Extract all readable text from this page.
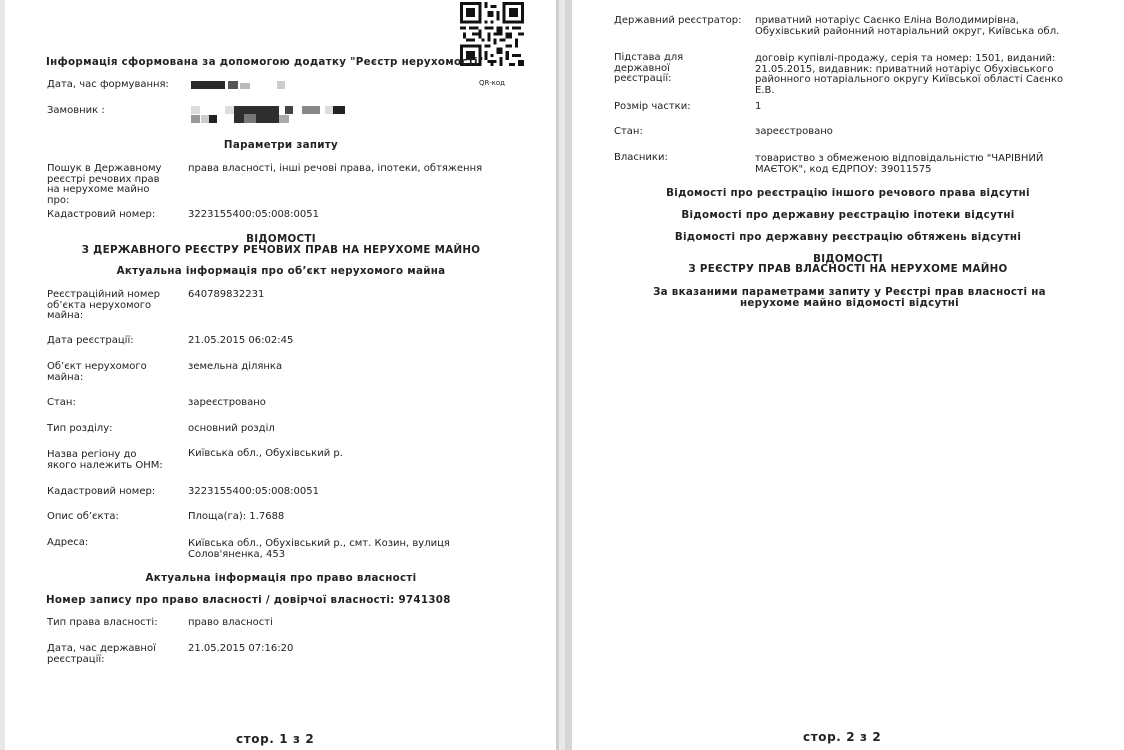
QR-код
Інформація сформована за допомогою додатку "Реєстр нерухомості"
Дата, час формування:
Замовник :
Параметри запиту
Пошук в Державному реєстрі речових прав на нерухоме майно про:
права власності, інші речові права, іпотеки, обтяження
Кадастровий номер:	3223155400:05:008:0051
ВІДОМОСТІ
З ДЕРЖАВНОГО РЕЄСТРУ РЕЧОВИХ ПРАВ НА НЕРУХОМЕ МАЙНО
Актуальна інформація про об’єкт нерухомого майна
Реєстраційний номер об’єкта нерухомого майна:
640789832231
Дата реєстрації:	21.05.2015 06:02:45
Об’єкт нерухомого майна:
земельна ділянка
Стан:	зареєстровано
Тип розділу:	основний розділ
Назва регіону до якого належить ОНМ:
Київська обл., Обухівський р.
Кадастровий номер:	3223155400:05:008:0051
Опис об’єкта:	Площа(га): 1.7688
Адреса:	Київська обл., Обухівський р., смт. Козин, вулиця Солов'яненка, 453
Актуальна інформація про право власності
Номер запису про право власності / довірчої власності: 9741308
Тип права власності:	право власності
Дата, час державної реєстрації:
21.05.2015 07:16:20
стор. 1 з 2
Державний реєстратор: приватний нотаріус Саєнко Еліна Володимирівна, Обухівський районний нотаріальний округ, Київська обл.
Підстава для державної реєстрації:
договір купівлі-продажу, серія та номер: 1501, виданий: 21.05.2015, видавник: приватний нотаріус Обухівського районного нотаріального округу Київської області Саєнко Е.В.
Розмір частки:	1
Стан:	зареєстровано
Власники:	товариство з обмеженою відповідальністю "ЧАРІВНИЙ МАЄТОК", код ЄДРПОУ: 39011575
Відомості про реєстрацію іншого речового права відсутні
Відомості про державну реєстрацію іпотеки відсутні
Відомості про державну реєстрацію обтяжень відсутні
ВІДОМОСТІ
З РЕЄСТРУ ПРАВ ВЛАСНОСТІ НА НЕРУХОМЕ МАЙНО
За вказаними параметрами запиту у Реєстрі прав власності на нерухоме майно відомості відсутні
стор. 2 з 2
